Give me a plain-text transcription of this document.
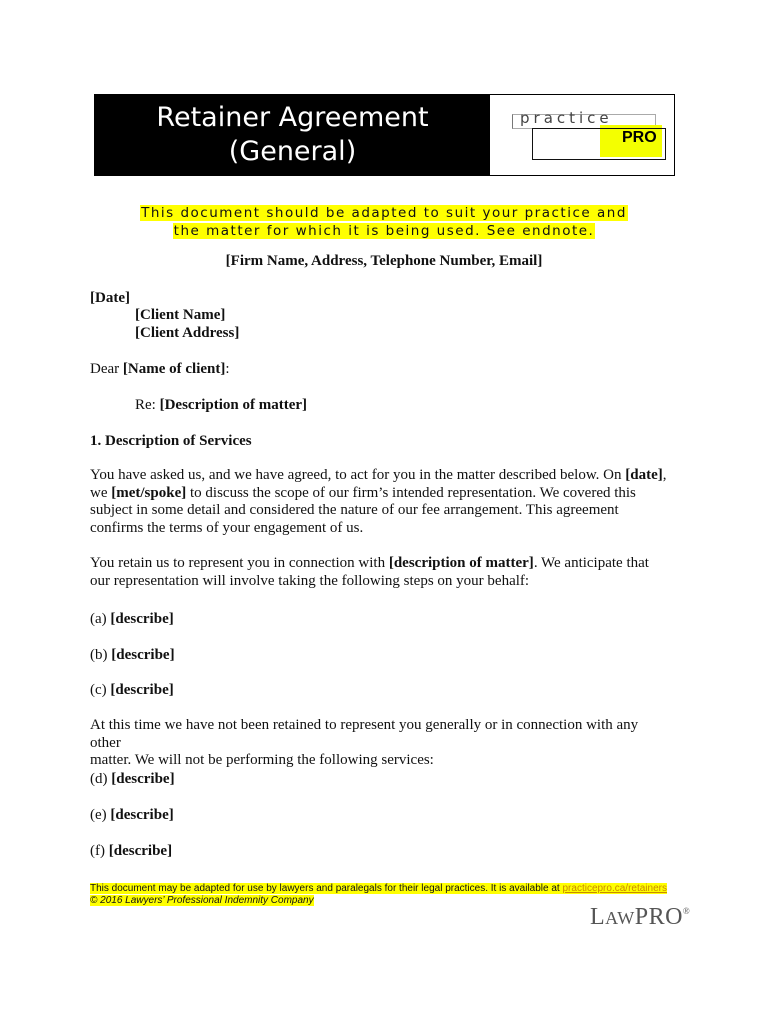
Retainer Agreement
(General)
practice
PRO
This document should be adapted to suit your practice and
the matter for which it is being used. See endnote.
[Firm Name, Address, Telephone Number, Email]
[Date]
[Client Name]
[Client Address]
Dear [Name of client]:
Re: [Description of matter]
1. Description of Services
You have asked us, and we have agreed, to act for you in the matter described below. On [date],
we [met/spoke] to discuss the scope of our firm’s intended representation. We covered this
subject in some detail and considered the nature of our fee arrangement. This agreement
confirms the terms of your engagement of us.
You retain us to represent you in connection with [description of matter]. We anticipate that
our representation will involve taking the following steps on your behalf:
(a) [describe]
(b) [describe]
(c) [describe]
At this time we have not been retained to represent you generally or in connection with any other
matter. We will not be performing the following services:
(d) [describe]
(e) [describe]
(f) [describe]
This document may be adapted for use by lawyers and paralegals for their legal practices. It is available at practicepro.ca/retainers
© 2016 Lawyers’ Professional Indemnity Company
LAWPRO®
